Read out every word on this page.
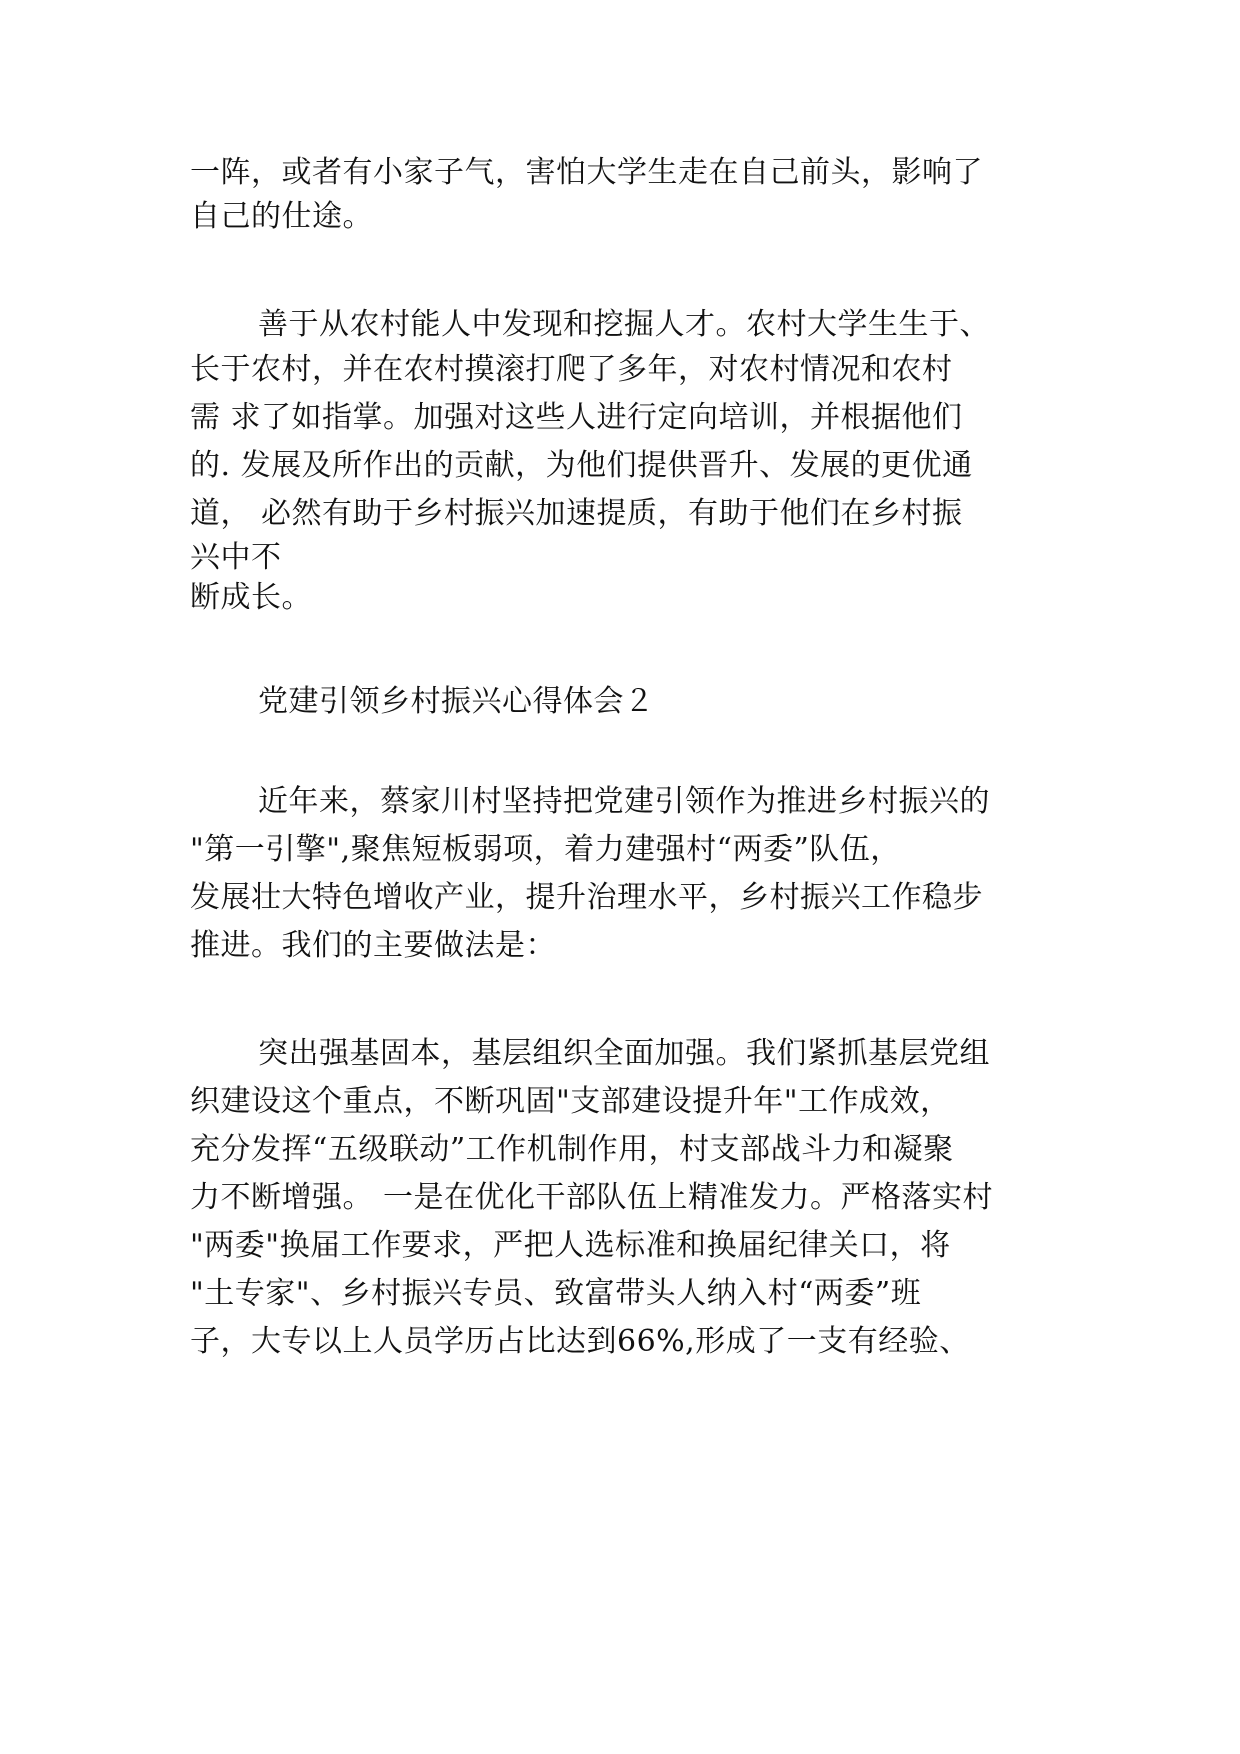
一阵，或者有小家子气，害怕大学生走在自己前头，影响了

自己的仕途。

善于从农村能人中发现和挖掘人才。农村大学生生于、

长于农村，并在农村摸滚打爬了多年，对农村情况和农村

需 求了如指掌。加强对这些人进行定向培训，并根据他们

的. 发展及所作出的贡献，为他们提供晋升、发展的更优通

道， 必然有助于乡村振兴加速提质，有助于他们在乡村振

兴中不

断成长。

党建引领乡村振兴心得体会２

近年来，蔡家川村坚持把党建引领作为推进乡村振兴的

"第一引擎",聚焦短板弱项，着力建强村“两委”队伍，

发展壮大特色增收产业，提升治理水平，乡村振兴工作稳步

推进。我们的主要做法是：

突出强基固本，基层组织全面加强。我们紧抓基层党组

织建设这个重点，不断巩固"支部建设提升年"工作成效，

充分发挥“五级联动”工作机制作用，村支部战斗力和凝聚

力不断增强。 一是在优化干部队伍上精准发力。严格落实村

"两委"换届工作要求，严把人选标准和换届纪律关口，将

"土专家"、乡村振兴专员、致富带头人纳入村“两委”班

子，大专以上人员学历占比达到66%,形成了一支有经验、
